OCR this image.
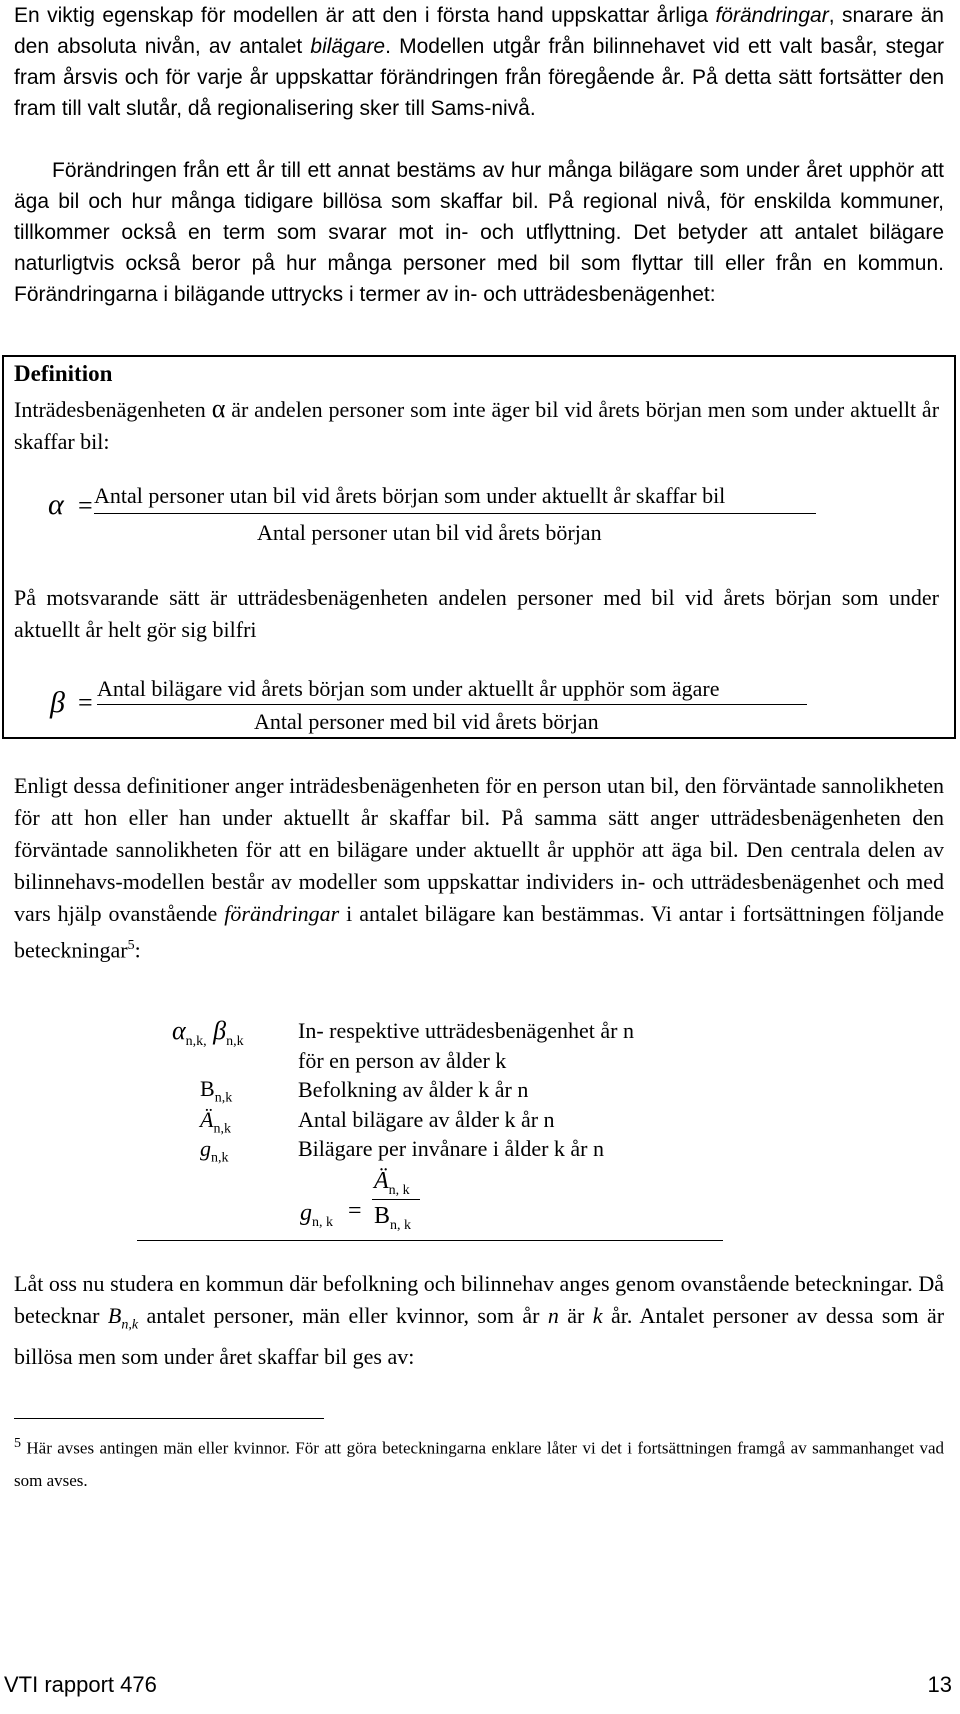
En viktig egenskap för modellen är att den i första hand uppskattar årliga förändringar, snarare än den absoluta nivån, av antalet bilägare. Modellen utgår från bilinnehavet vid ett valt basår, stegar fram årsvis och för varje år uppskattar förändringen från föregående år. På detta sätt fortsätter den fram till valt slutår, då regionalisering sker till Sams-nivå.
Förändringen från ett år till ett annat bestäms av hur många bilägare som under året upphör att äga bil och hur många tidigare billösa som skaffar bil. På regional nivå, för enskilda kommuner, tillkommer också en term som svarar mot in- och utflyttning. Det betyder att antalet bilägare naturligtvis också beror på hur många personer med bil som flyttar till eller från en kommun. Förändringarna i bilägande uttrycks i termer av in- och utträdesbenägenhet:
Definition
Inträdesbenägenheten α är andelen personer som inte äger bil vid årets början men som under aktuellt år skaffar bil:
α = Antal personer utan bil vid årets början som under aktuellt år skaffar bil
Antal personer utan bil vid årets början
På motsvarande sätt är utträdesbenägenheten andelen personer med bil vid årets början som under aktuellt år helt gör sig bilfri
β = Antal bilägare vid årets början som under aktuellt år upphör som ägare
Antal personer med bil vid årets början
Enligt dessa definitioner anger inträdesbenägenheten för en person utan bil, den förväntade sannolikheten för att hon eller han under aktuellt år skaffar bil. På samma sätt anger utträdesbenägenheten den förväntade sannolikheten för att en bilägare under aktuellt år upphör att äga bil. Den centrala delen av bilinnehavs-modellen består av modeller som uppskattar individers in- och utträdesbenägenhet och med vars hjälp ovanstående förändringar i antalet bilägare kan bestämmas. Vi antar i fortsättningen följande beteckningar$^5$:
$\alpha_{n,k,}$ $\beta_{n,k}$ In- respektive utträdesbenägenhet år n
för en person av ålder k
$B_{n,k}$	Befolkning av ålder k år n
$Ä_{n,k}$	Antal bilägare av ålder k år n
$g_{n,k}$	Bilägare per invånare i ålder k år n
$g_{n, k}$ =
$Ä_{n, k}$
$B_{n, k}$
Låt oss nu studera en kommun där befolkning och bilinnehav anges genom ovanstående beteckningar. Då betecknar $B_{n,k}$ antalet personer, män eller kvinnor, som år n är k år. Antalet personer av dessa som är billösa men som under året skaffar bil ges av:
$^5$ Här avses antingen män eller kvinnor. För att göra beteckningarna enklare låter vi det i fortsättningen framgå av sammanhanget vad som avses.
VTI rapport 476	13
